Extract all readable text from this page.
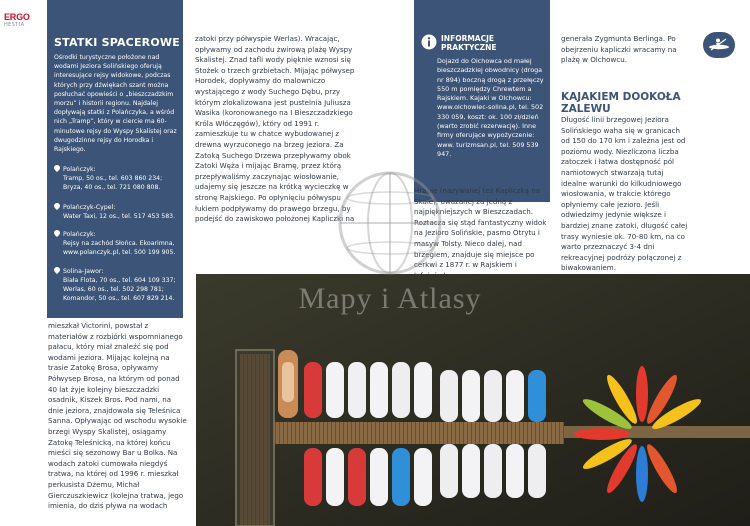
ERGO
HESTIA
STATKI SPACEROWE

Ośrodki turystyczne położone nad wodami Jeziora Solińskiego oferują interesujące rejsy widokowe, podczas których przy dźwiękach szant można posłuchać opowieści o „bieszczadzkim morzu” i historii regionu. Najdalej dopływają statki z Polańczyka, a wśród nich „Tramp”, który w ciercie ma 60-minutowe rejsy do Wyspy Skalistej oraz dwugodzinne rejsy do Horodka i Rajskiego.

Polańczyk:
Tramp, 50 os., tel. 603 860 234;
Bryza, 40 os., tel. 721 080 808.
Polańczyk-Cypel:
Water Taxi, 12 os., tel. 517 453 583.
Polańczyk:
Rejsy na zachód Słońca. Ekoarimna,
www.polanczyk.pl, tel. 500 199 905.
Solina-Jawor:
Biała Flota, 70 os., tel. 604 109 337;
Werlas, 60 os., tel. 502 298 781;
Komandor, 50 os., tel. 607 829 214.

zatoki przy półwyspie Werlas). Wracając, opływamy od zachodu żwirową plażę Wyspy Skalistej. Znad tafli wody pięknie wznosi się Stożek o trzech grzbietach. Mijając półwysep Horodek, dopływamy do malowniczo wystającego z wody Suchego Dębu, przy którym zlokalizowana jest pustelnia Juliusza Wasika (koronowanego na I Bieszczadzkiego Króla Włóczęgów), który od 1991 r. zamieszkuje tu w chatce wybudowanej z drewna wyrzuconego na brzeg jeziora. Za Zatoką Suchego Drzewa przepływamy obok Zatoki Węża i mijając Bramę, przez którą przepływaliśmy zaczynając wiosłowanie, udajemy się jeszcze na krótką wycieczkę w stronę Rajskiego. Po opłynięciu półwyspu łukiem podpływamy do prawego brzegu, by podejść do zawiskowo położonej Kapliczki na

INFORMACJE
PRAKTYCZNE

Dojazd do Olchowca od małej bieszczadzkiej obwodnicy (droga nr 894) boczną drogą z przełęczy 550 m pomiędzy Chrewtem a Rajskiem. Kajaki w Olchowcu: www.olchowiec-solina.pl, tel. 502 330 059, koszt: ok. 100 zł/dzień (warto zrobić rezerwację). Inne firmy oferujące wypożyczenie: www. turizmsan.pl, tel. 509 539 947.

Hrabie (nazywanej też Kapliczką na Skale), uważanej za jedną z najpiękniejszych w Bieszczadach. się stąd fantastyczny widok na Jezioro Solińskie, pasmo Otrytu i masyw Tolsty. Nieco dalej, nad brzegiem, znajduje się miejsce po cerkwi z 1877 r. w Rajskiem i

generała Zygmunta Berlinga. Po obejrzeniu kapliczki wracamy na plażę w Olchowcu.

KAJAKIEM DOOKOŁA
ZALEWU

Długość linii brzegowej Jeziora Solińskiego waha się w granicach od 150 do 170 km i zależna jest od poziomu wody. Niezliczona liczba zatoczek i łatwa dostępność pól namiotowych stwarzają tutaj idealne warunki do kilkudniowego wiosłowania, w trakcie którego opłyniemy całe jezioro. Jeśli odwiedzimy jedynie większe i bardziej znane zatoki, długość całej trasy wyniesie ok. 70-80 km, na co warto przeznaczyć 3-4 dni rekreacyjnej podróży połączonej z biwakowaniem.

mieszkał Victorini, powstał z materiałów z rozbiórki wspomnianego pałacu, który miał znaleźć się pod wodami jeziora. Mijając kolejną na trasie Zatokę Brosa, opływamy Półwysep Brosa, na którym od ponad 40 lat żyje kolejny bieszczadzki osadnik, Kiszek Bros. Pod nami, na dnie jeziora, znajdowała się Teleśnica Sanna. Opływając od wschodu wysokie brzegi Wyspy Skalistej, osiągamy Zatokę Teleśnicką, na której końcu mieści się sezonowy Bar u Bolka. Na wodach zatoki cumowała niegdyś tratwa, na której od 1996 r. mieszkał perkusista Dżemu, Michał Gierczuszkiewicz (kolejna tratwa, jego imienia, do dziś pływa na wodach

Mapy i Atlasy
